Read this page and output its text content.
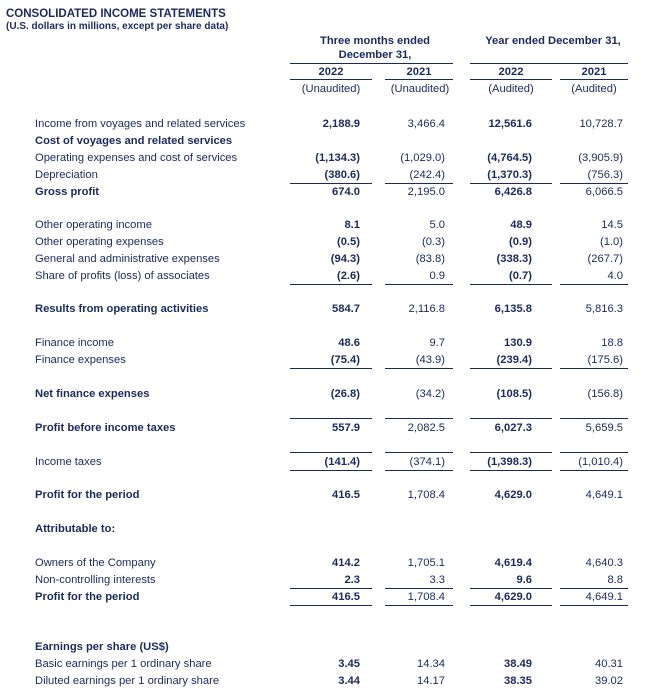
CONSOLIDATED INCOME STATEMENTS
(U.S. dollars in millions, except per share data)
Three months ended December 31,
Year ended December 31,
2022	2021	2022	2021
(Unaudited)	(Unaudited)	(Audited)	(Audited)
Income from voyages and related services	2,188.9	3,466.4	12,561.6	10,728.7
Cost of voyages and related services
Operating expenses and cost of services	(1,134.3)	(1,029.0)	(4,764.5)	(3,905.9)
Depreciation	(380.6)	(242.4)	(1,370.3)	(756.3)
Gross profit	674.0	2,195.0	6,426.8	6,066.5
Other operating income	8.1	5.0	48.9	14.5
Other operating expenses	(0.5)	(0.3)	(0.9)	(1.0)
General and administrative expenses	(94.3)	(83.8)	(338.3)	(267.7)
Share of profits (loss) of associates	(2.6)	0.9	(0.7)	4.0
Results from operating activities	584.7	2,116.8	6,135.8	5,816.3
Finance income	48.6	9.7	130.9	18.8
Finance expenses	(75.4)	(43.9)	(239.4)	(175.6)
Net finance expenses	(26.8)	(34.2)	(108.5)	(156.8)
Profit before income taxes	557.9	2,082.5	6,027.3	5,659.5
Income taxes	(141.4)	(374.1)	(1,398.3)	(1,010.4)
Profit for the period	416.5	1,708.4	4,629.0	4,649.1
Attributable to:
Owners of the Company	414.2	1,705.1	4,619.4	4,640.3
Non-controlling interests	2.3	3.3	9.6	8.8
Profit for the period	416.5	1,708.4	4,629.0	4,649.1
Earnings per share (US$)
Basic earnings per 1 ordinary share	3.45	14.34	38.49	40.31
Diluted earnings per 1 ordinary share	3.44	14.17	38.35	39.02
